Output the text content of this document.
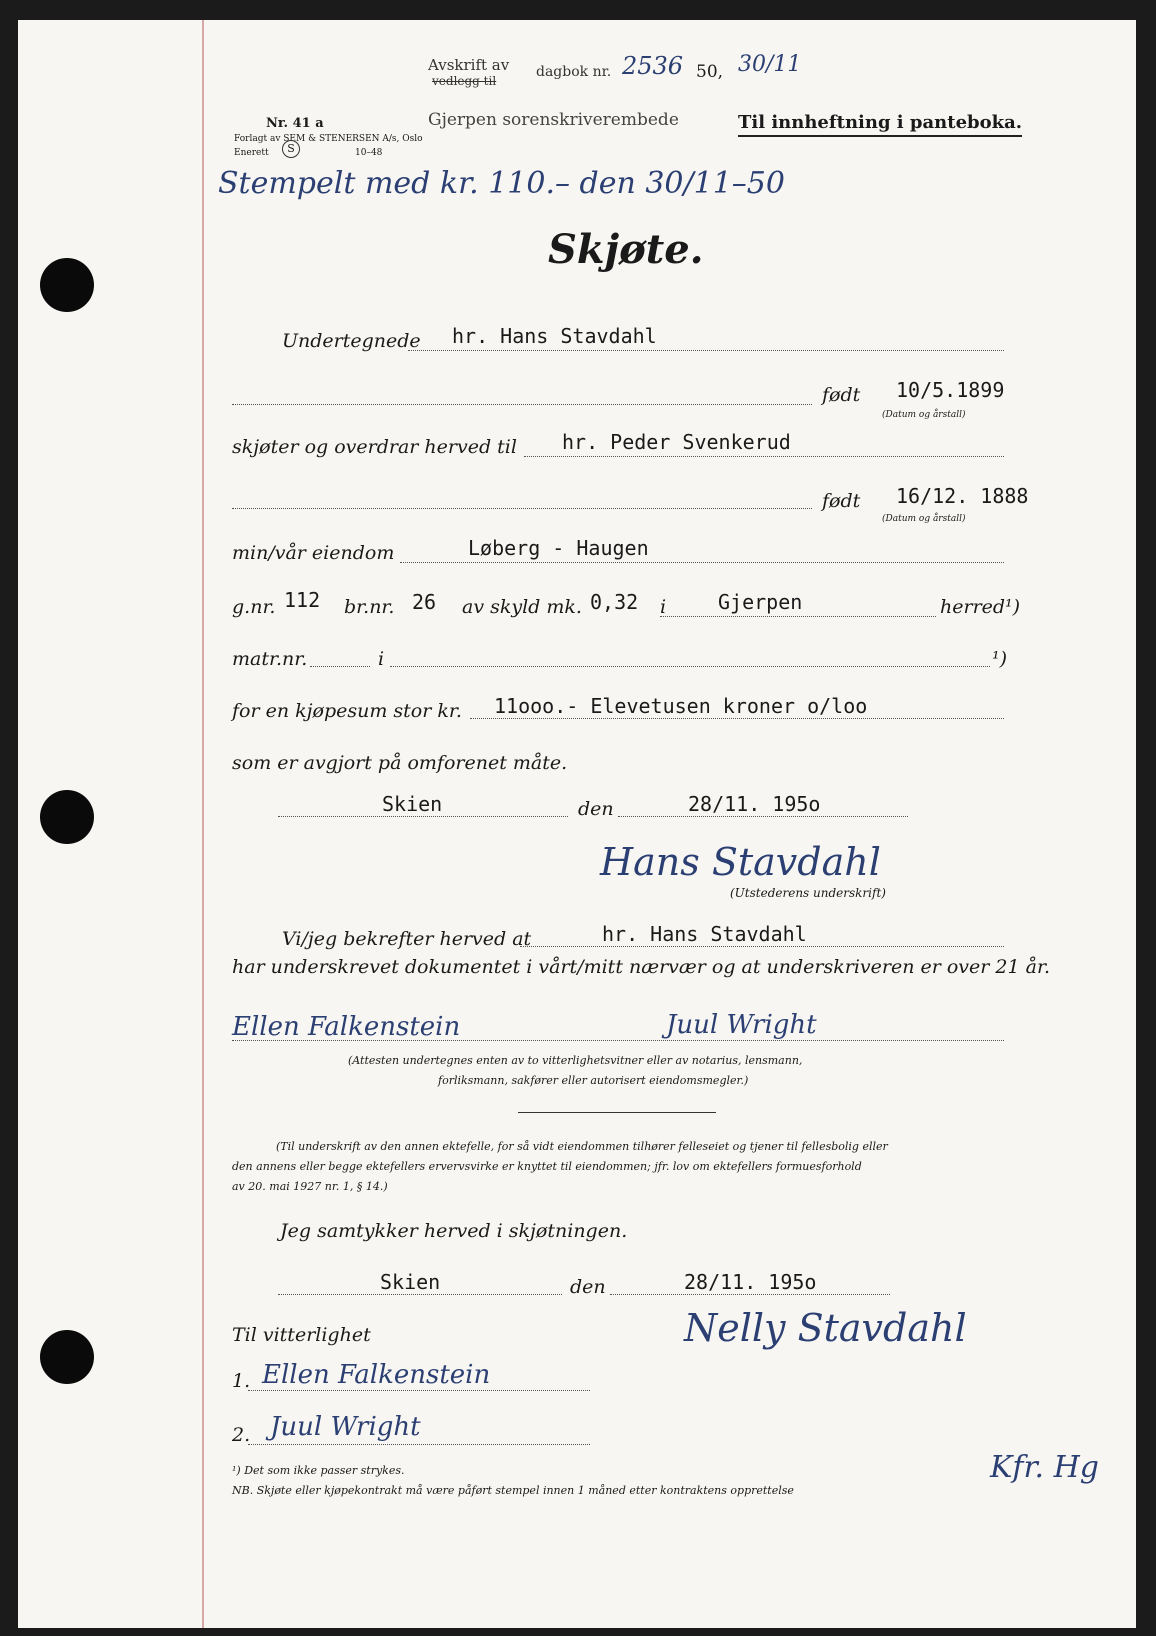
Avskrift av
vedlegg til
dagbok nr. 2536 50, 30/11
Gjerpen sorenskriverembede
Nr. 41 a
Forlagt av SEM & STENERSEN A/s, Oslo
Enerett	S	10–48
Til innheftning i panteboka.
Stempelt med kr. 110.– den 30/11–50
Skjøte.
Undertegnede hr. Hans Stavdahl
født 10/5.1899
(Datum og årstall)
skjøter og overdrar herved til hr. Peder Svenkerud
født 16/12. 1888
(Datum og årstall)
min/vår eiendom	Løberg - Haugen
g.nr. 112 br.nr. 26 av skyld mk. 0,32 i	Gjerpen	herred¹)
matr.nr.	i	¹)
for en kjøpesum stor kr. 11ooo.- Elevetusen kroner o/loo
som er avgjort på omforenet måte.
Skien	den	28/11. 195o
Hans Stavdahl
(Utstederens underskrift)
Vi/jeg bekrefter herved at	hr. Hans Stavdahl
har underskrevet dokumentet i vårt/mitt nærvær og at underskriveren er over 21 år.
Ellen Falkenstein	Juul Wright
(Attesten undertegnes enten av to vitterlighetsvitner eller av notarius, lensmann,
forliksmann, sakfører eller autorisert eiendomsmegler.)
(Til underskrift av den annen ektefelle, for så vidt eiendommen tilhører felleseiet og tjener til fellesbolig eller
den annens eller begge ektefellers ervervsvirke er knyttet til eiendommen; jfr. lov om ektefellers formuesforhold
av 20. mai 1927 nr. 1, § 14.)
Jeg samtykker herved i skjøtningen.
Skien	den	28/11. 195o
Til vitterlighet	Nelly Stavdahl
1. Ellen Falkenstein
2. Juul Wright
¹) Det som ikke passer strykes.
NB. Skjøte eller kjøpekontrakt må være påført stempel innen 1 måned etter kontraktens opprettelse
Kfr. Hg
